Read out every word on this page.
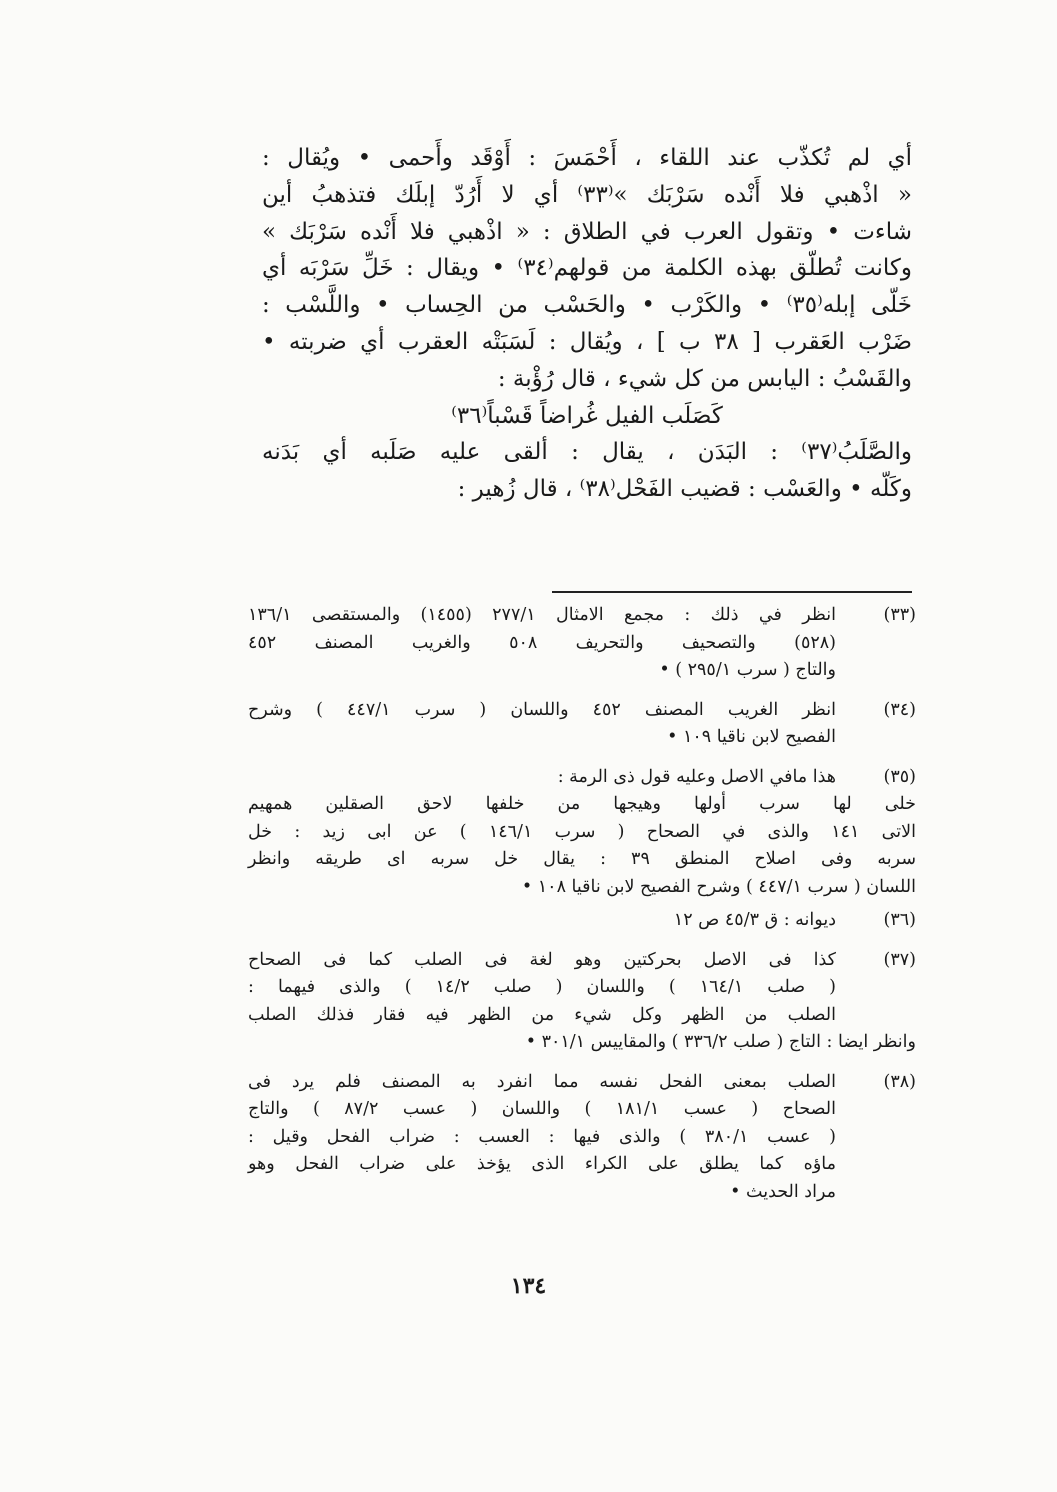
أي لم تُكذّب عند اللقاء ، أَحْمَسَ : أَوْقَد وأَحمى • ويُقال :

« اذْهبي فلا أَنْده سَرْبَك »⁽٣٣⁾ أي لا أَرُدّ إبلَك فتذهبُ أين

شاءت • وتقول العرب في الطلاق : « اذْهبي فلا أَنْده سَرْبَك »

وكانت تُطلّق بهذه الكلمة من قولهم⁽٣٤⁾ • ويقال : خَلِّ سَرْبَه أي

خَلّى إبله⁽٣٥⁾ • والكَرْب • والحَسْب من الحِساب • واللَّسْب :

ضَرْب العَقرب [ ٣٨ ب ] ، ويُقال : لَسَبَتْه العقرب أي ضربته •

والقَسْبُ : اليابس من كل شيء ، قال رُؤْبة :

كَصَلَب الفيل غُراضاً قَسْباً⁽٣٦⁾

والصَّلَبُ⁽٣٧⁾ : البَدَن ، يقال : ألقى عليه صَلَبه أي بَدَنه

وكَلّه • والعَسْب : قضيب الفَحْل⁽٣٨⁾ ، قال زُهير :

(٣٣)
انظر في ذلك : مجمع الامثال ٢٧٧/١ (١٤٥٥) والمستقصى ١٣٦/١
(٥٢٨) والتصحيف والتحريف ٥٠٨ والغريب المصنف ٤٥٢
والتاج ( سرب ٢٩٥/١ ) •
(٣٤)
انظر الغريب المصنف ٤٥٢ واللسان ( سرب ٤٤٧/١ ) وشرح
الفصيح لابن ناقيا ١٠٩ •
(٣٥)
هذا مافي الاصل وعليه قول ذى الرمة :
خلى لها سرب أولها وهيجها من خلفها لاحق الصقلين همهيم
الاتى ١٤١ والذى في الصحاح ( سرب ١٤٦/١ ) عن ابى زيد : خل
سربه وفى اصلاح المنطق ٣٩ : يقال خل سربه اى طريقه وانظر
اللسان ( سرب ٤٤٧/١ ) وشرح الفصيح لابن ناقيا ١٠٨ •
(٣٦)
ديوانه : ق ٤٥/٣ ص ١٢
(٣٧)
كذا فى الاصل بحركتين وهو لغة فى الصلب كما فى الصحاح
( صلب ١٦٤/١ ) واللسان ( صلب ١٤/٢ ) والذى فيهما :
الصلب من الظهر وكل شيء من الظهر فيه فقار فذلك الصلب
وانظر ايضا : التاج ( صلب ٣٣٦/٢ ) والمقاييس ٣٠١/١ •
(٣٨)
الصلب بمعنى الفحل نفسه مما انفرد به المصنف فلم يرد فى
الصحاح ( عسب ١٨١/١ ) واللسان ( عسب ٨٧/٢ ) والتاج
( عسب ٣٨٠/١ ) والذى فيها : العسب : ضراب الفحل وقيل :
ماؤه كما يطلق على الكراء الذى يؤخذ على ضراب الفحل وهو
مراد الحديث •
١٣٤
